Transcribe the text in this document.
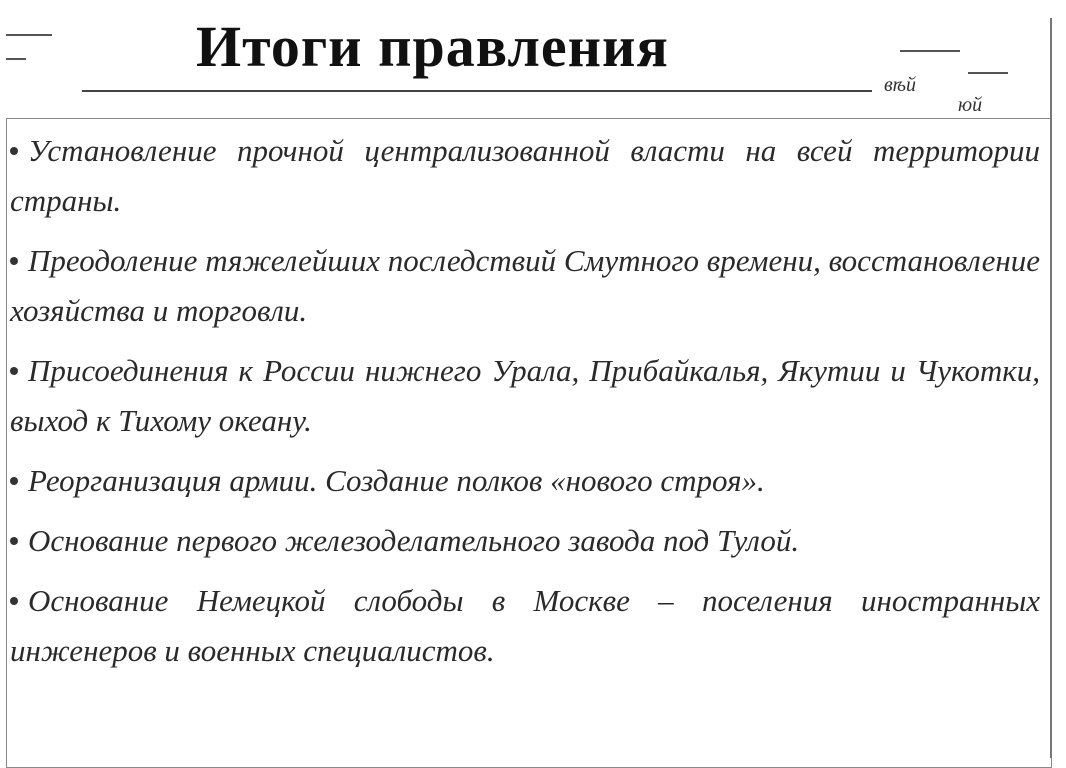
вѣй
юй
Итоги правления
Установление прочной централизованной власти на всей территории страны.
Преодоление тяжелейших последствий Смутного времени, восстановление хозяйства и торговли.
Присоединения к России нижнего Урала, Прибайкалья, Якутии и Чукотки, выход к Тихому океану.
Реорганизация армии. Создание полков «нового строя».
Основание первого железоделательного завода под Тулой.
Основание Немецкой слободы в Москве – поселения иностранных инженеров и военных специалистов.
